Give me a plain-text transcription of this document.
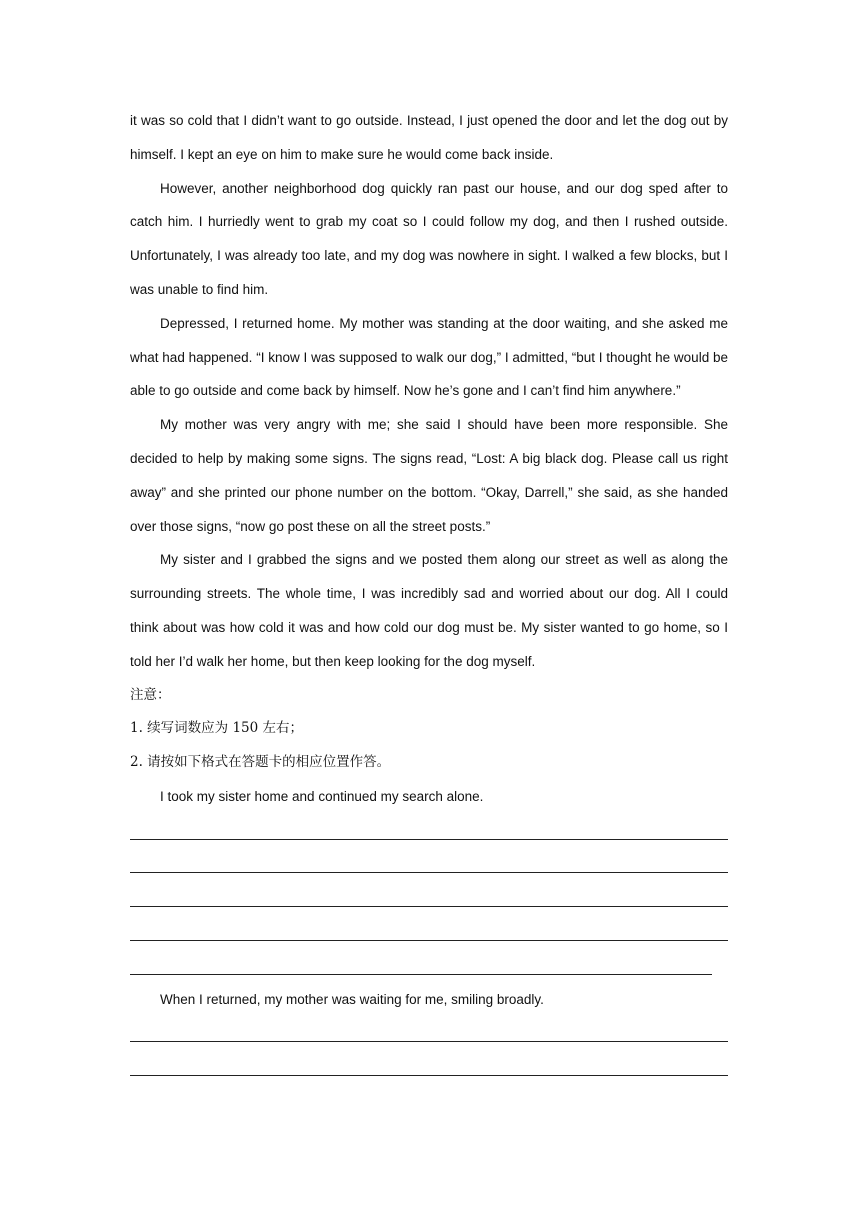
it was so cold that I didn’t want to go outside. Instead, I just opened the door and let the dog out by himself. I kept an eye on him to make sure he would come back inside.

However, another neighborhood dog quickly ran past our house, and our dog sped after to catch him. I hurriedly went to grab my coat so I could follow my dog, and then I rushed outside. Unfortunately, I was already too late, and my dog was nowhere in sight. I walked a few blocks, but I was unable to find him.

Depressed, I returned home. My mother was standing at the door waiting, and she asked me what had happened. “I know I was supposed to walk our dog,” I admitted, “but I thought he would be able to go outside and come back by himself. Now he’s gone and I can’t find him anywhere.”

My mother was very angry with me; she said I should have been more responsible. She decided to help by making some signs. The signs read, “Lost: A big black dog. Please call us right away” and she printed our phone number on the bottom. “Okay, Darrell,” she said, as she handed over those signs, “now go post these on all the street posts.”

My sister and I grabbed the signs and we posted them along our street as well as along the surrounding streets. The whole time, I was incredibly sad and worried about our dog. All I could think about was how cold it was and how cold our dog must be. My sister wanted to go home, so I told her I’d walk her home, but then keep looking for the dog myself.

注意：

1. 续写词数应为 150 左右；

2. 请按如下格式在答题卡的相应位置作答。

I took my sister home and continued my search alone.

When I returned, my mother was waiting for me, smiling broadly.
